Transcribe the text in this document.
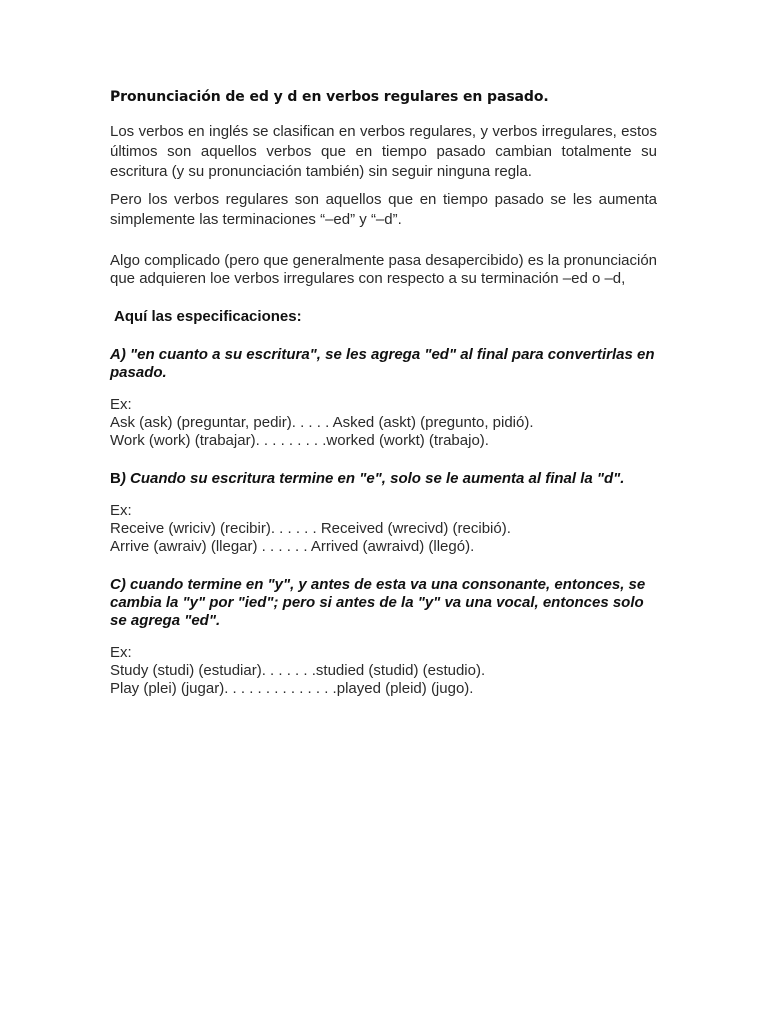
Pronunciación de ed y d en verbos regulares en pasado.

Los verbos en inglés se clasifican en verbos regulares, y verbos irregulares, estos últimos son aquellos verbos que en tiempo pasado cambian totalmente su escritura (y su pronunciación también) sin seguir ninguna regla.

Pero los verbos regulares son aquellos que en tiempo pasado se les aumenta simplemente las terminaciones “–ed” y “–d”.

Algo complicado (pero que generalmente pasa desapercibido) es la pronunciación que adquieren loe verbos irregulares con respecto a su terminación –ed o –d,

Aquí las especificaciones:

A) "en cuanto a su escritura", se les agrega "ed" al final para convertirlas en pasado.

Ex:
Ask (ask) (preguntar, pedir). . . . . Asked (askt) (pregunto, pidió).
Work (work) (trabajar). . . . . . . . .worked (workt) (trabajo).

B) Cuando su escritura termine en "e", solo se le aumenta al final la "d".

Ex:
Receive (wriciv) (recibir). . . . . . Received (wrecivd) (recibió).
Arrive (awraiv) (llegar) . . . . . . Arrived (awraivd) (llegó).

C) cuando termine en "y", y antes de esta va una consonante, entonces, se cambia la "y" por "ied"; pero si antes de la "y" va una vocal, entonces solo se agrega "ed".

Ex:
Study (studi) (estudiar). . . . . . .studied (studid) (estudio).
Play (plei) (jugar). . . . . . . . . . . . . .played (pleid) (jugo).
